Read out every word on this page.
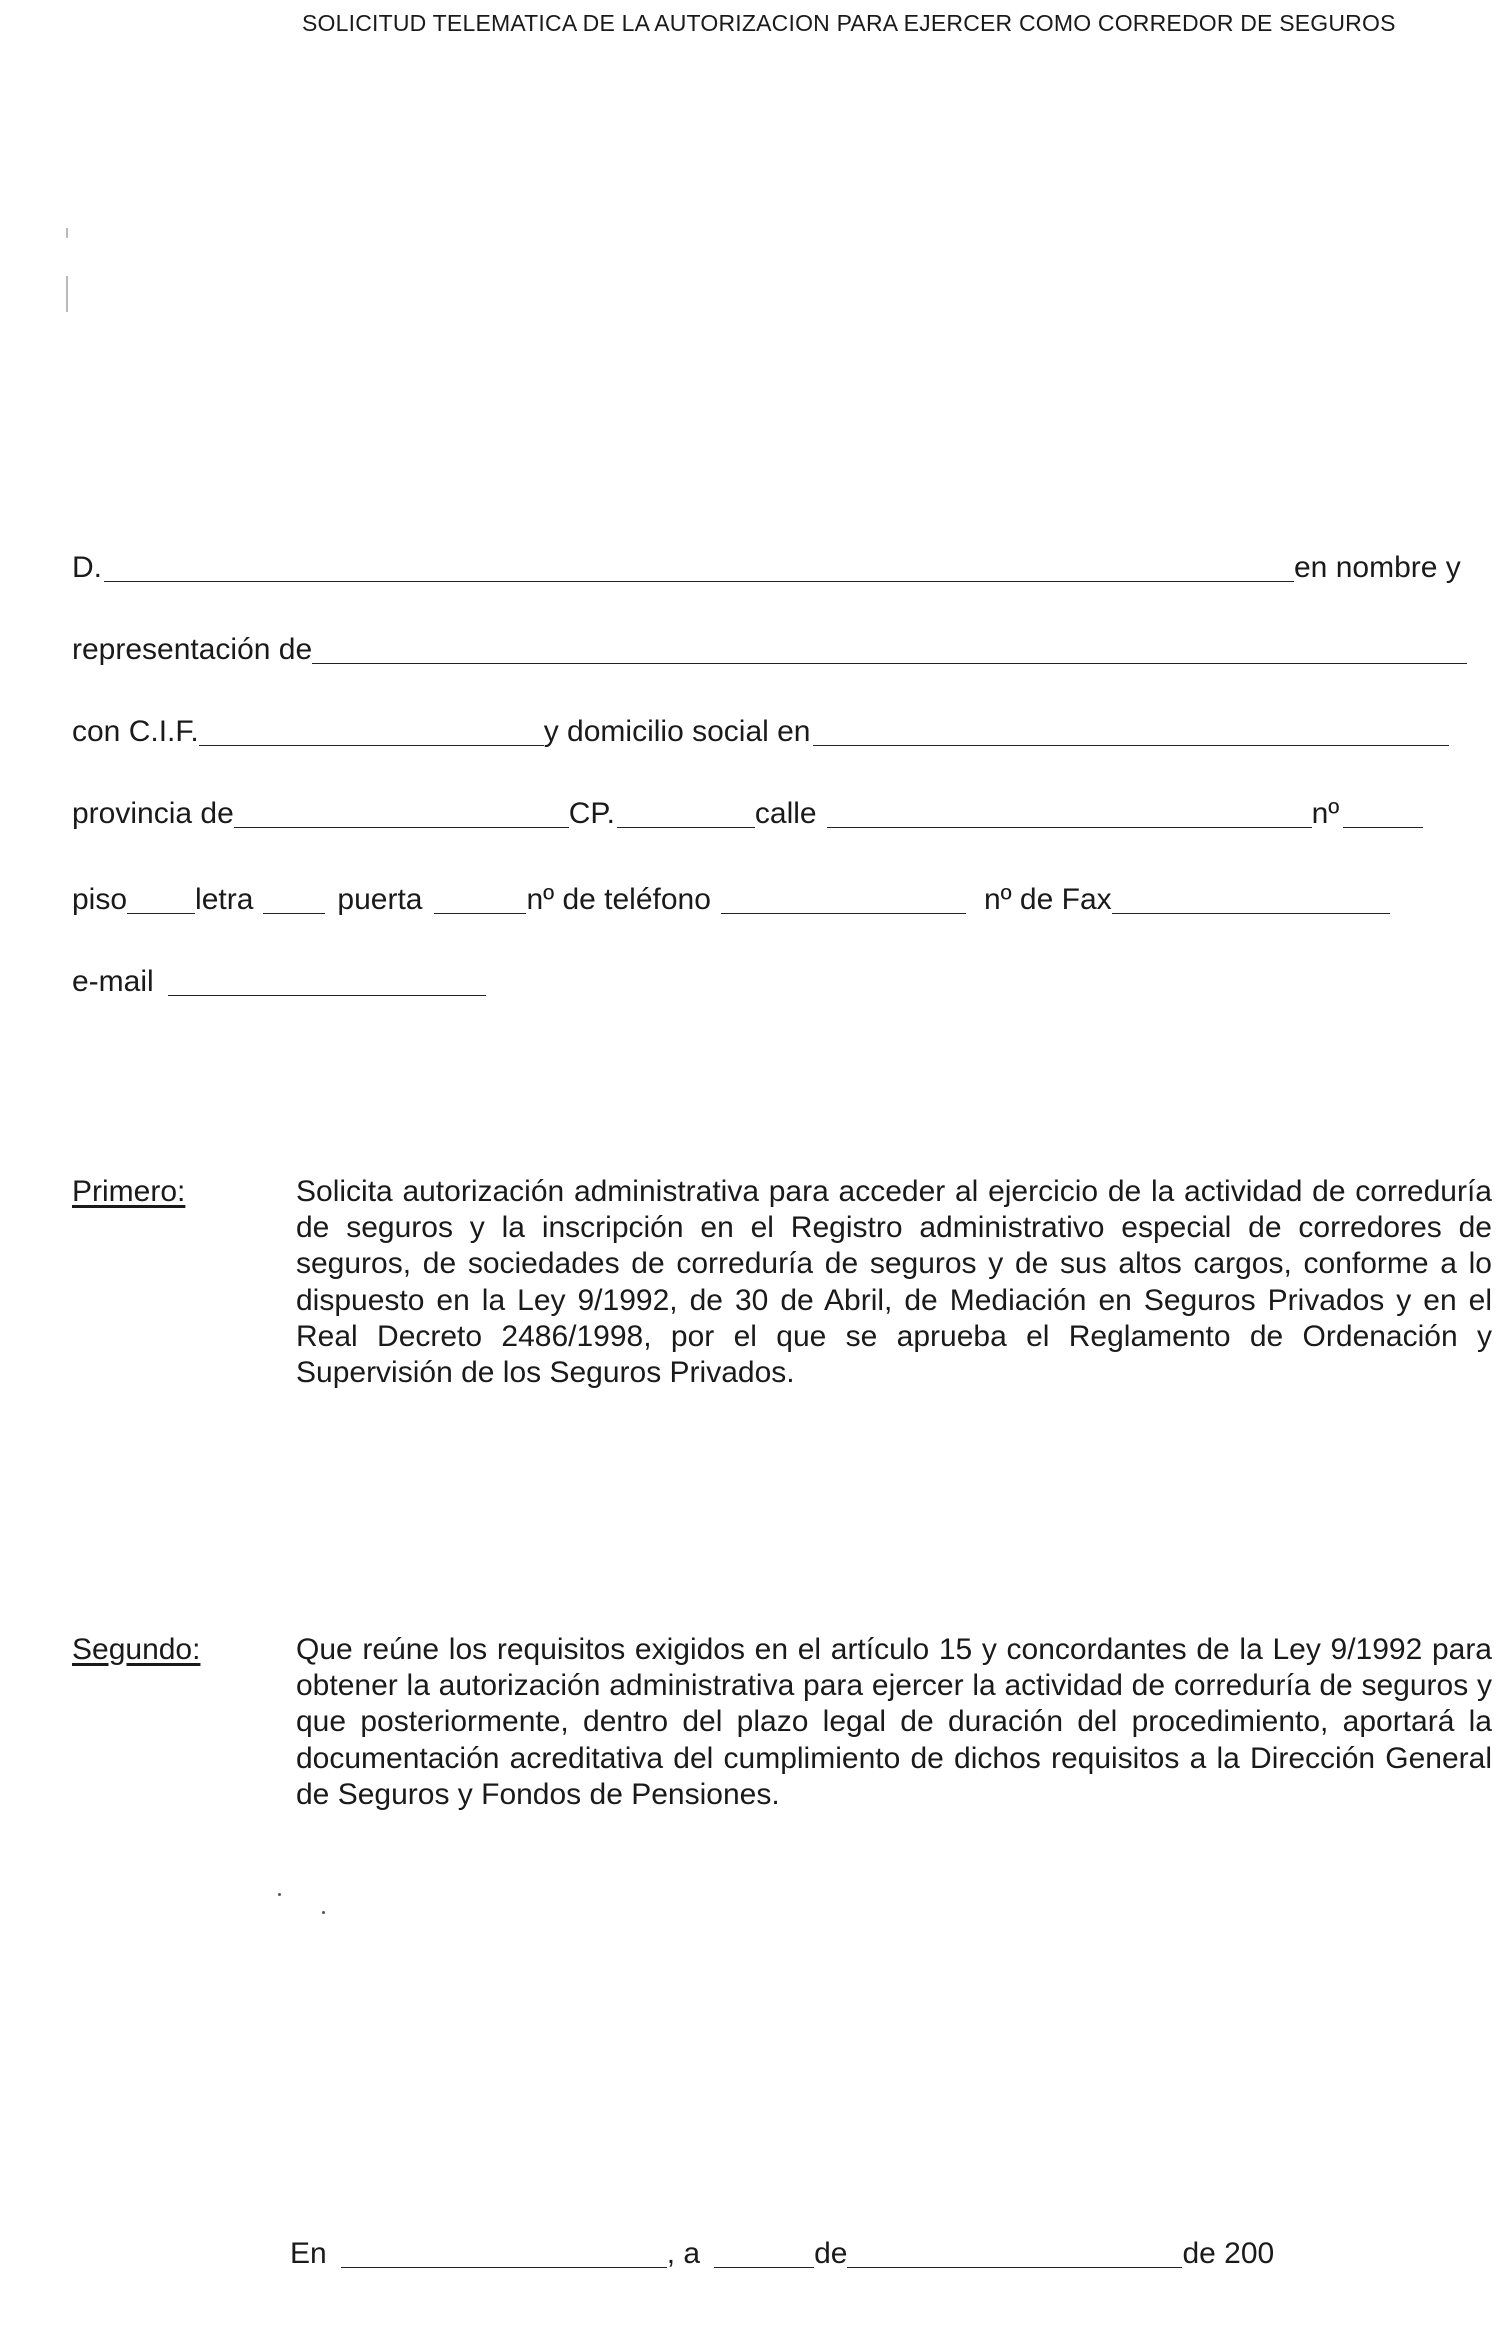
SOLICITUD TELEMATICA DE LA AUTORIZACION PARA EJERCER COMO CORREDOR DE SEGUROS
D.	en nombre y
representación de
con C.I.F.	y domicilio social en
provincia de	CP.	calle	nº
piso letra	puerta	nº de teléfono	nº de Fax
e-mail
Primero:	Solicita autorización administrativa para acceder al ejercicio de la actividad de correduría de seguros y la inscripción en el Registro administrativo especial de corredores de seguros, de sociedades de correduría de seguros y de sus altos cargos, conforme a lo dispuesto en la Ley 9/1992, de 30 de Abril, de Mediación en Seguros Privados y en el Real Decreto 2486/1998, por el que se aprueba el Reglamento de Ordenación y Supervisión de los Seguros Privados.
Segundo:	Que reúne los requisitos exigidos en el artículo 15 y concordantes de la Ley 9/1992 para obtener la autorización administrativa para ejercer la actividad de correduría de seguros y que posteriormente, dentro del plazo legal de duración del procedimiento, aportará la documentación acreditativa del cumplimiento de dichos requisitos a la Dirección General de Seguros y Fondos de Pensiones.
En	, a	de	de 200
